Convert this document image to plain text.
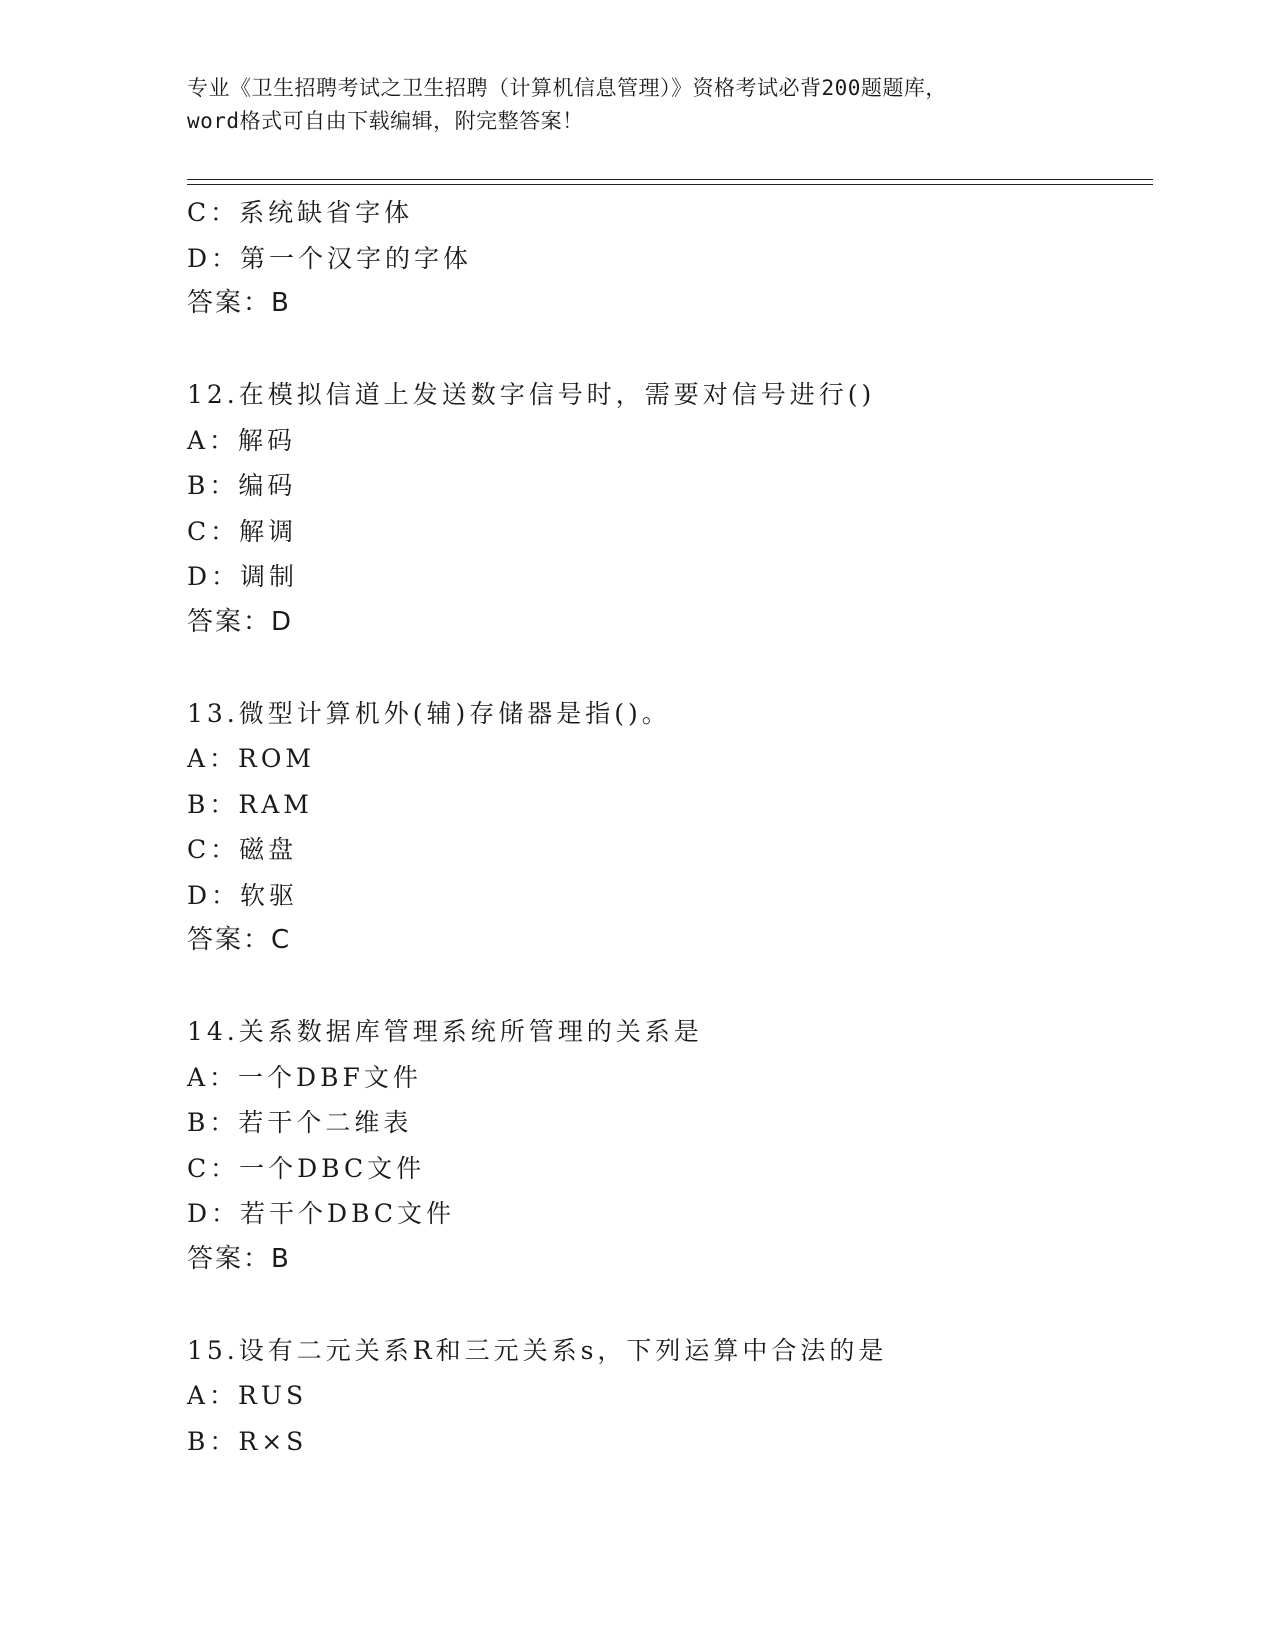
专业《卫生招聘考试之卫生招聘（计算机信息管理）》资格考试必背200题题库，
word格式可自由下载编辑，附完整答案！
C：系统缺省字体
D：第一个汉字的字体
答案：B
12.在模拟信道上发送数字信号时，需要对信号进行()
A：解码
B：编码
C：解调
D：调制
答案：D
13.微型计算机外(辅)存储器是指()。
A：ROM
B：RAM
C：磁盘
D：软驱
答案：C
14.关系数据库管理系统所管理的关系是
A：一个DBF文件
B：若干个二维表
C：一个DBC文件
D：若干个DBC文件
答案：B
15.设有二元关系R和三元关系s，下列运算中合法的是
A：RUS
B：R×S
